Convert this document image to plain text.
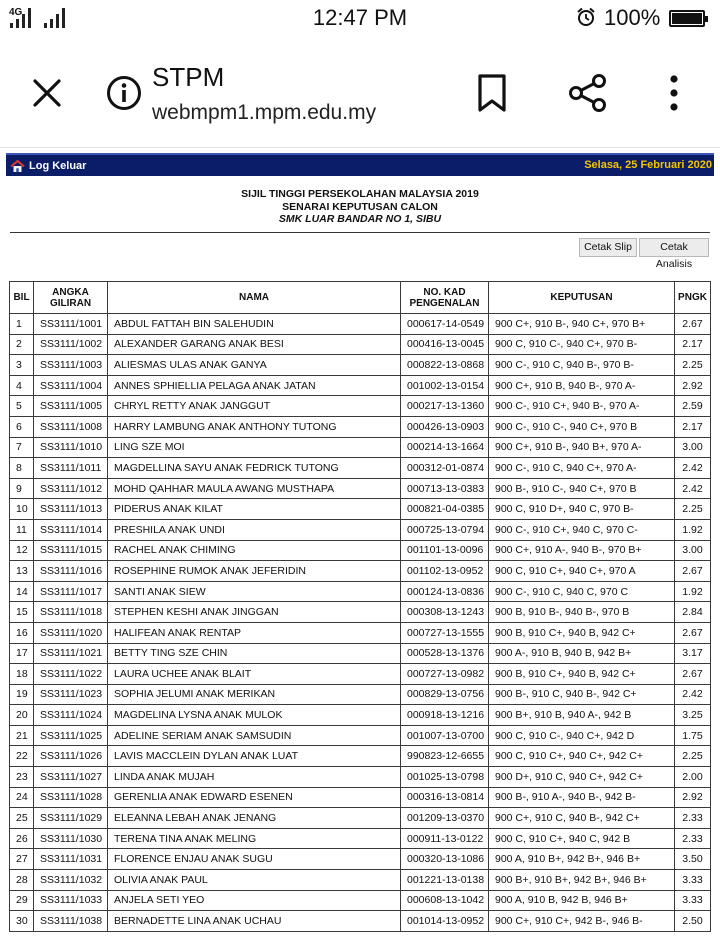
4G	12:47 PM	100%
STPM
webmpm1.mpm.edu.my
Log Keluar	Selasa, 25 Februari 2020
SIJIL TINGGI PERSEKOLAHAN MALAYSIA 2019
SENARAI KEPUTUSAN CALON
SMK LUAR BANDAR NO 1, SIBU
Cetak Slip	Cetak Analisis
BIL	ANGKA GILIRAN	NAMA	NO. KAD PENGENALAN	KEPUTUSAN	PNGK
1	SS3111/1001	ABDUL FATTAH BIN SALEHUDIN	000617-14-0549	900 C+, 910 B-, 940 C+, 970 B+	2.67
2	SS3111/1002	ALEXANDER GARANG ANAK BESI	000416-13-0045	900 C, 910 C-, 940 C+, 970 B-	2.17
3	SS3111/1003	ALIESMAS ULAS ANAK GANYA	000822-13-0868	900 C-, 910 C, 940 B-, 970 B-	2.25
4	SS3111/1004	ANNES SPHIELLIA PELAGA ANAK JATAN	001002-13-0154	900 C+, 910 B, 940 B-, 970 A-	2.92
5	SS3111/1005	CHRYL RETTY ANAK JANGGUT	000217-13-1360	900 C-, 910 C+, 940 B-, 970 A-	2.59
6	SS3111/1008	HARRY LAMBUNG ANAK ANTHONY TUTONG	000426-13-0903	900 C-, 910 C-, 940 C+, 970 B	2.17
7	SS3111/1010	LING SZE MOI	000214-13-1664	900 C+, 910 B-, 940 B+, 970 A-	3.00
8	SS3111/1011	MAGDELLINA SAYU ANAK FEDRICK TUTONG	000312-01-0874	900 C-, 910 C, 940 C+, 970 A-	2.42
9	SS3111/1012	MOHD QAHHAR MAULA AWANG MUSTHAPA	000713-13-0383	900 B-, 910 C-, 940 C+, 970 B	2.42
10	SS3111/1013	PIDERUS ANAK KILAT	000821-04-0385	900 C, 910 D+, 940 C, 970 B-	2.25
11	SS3111/1014	PRESHILA ANAK UNDI	000725-13-0794	900 C-, 910 C+, 940 C, 970 C-	1.92
12	SS3111/1015	RACHEL ANAK CHIMING	001101-13-0096	900 C+, 910 A-, 940 B-, 970 B+	3.00
13	SS3111/1016	ROSEPHINE RUMOK ANAK JEFERIDIN	001102-13-0952	900 C, 910 C+, 940 C+, 970 A	2.67
14	SS3111/1017	SANTI ANAK SIEW	000124-13-0836	900 C-, 910 C, 940 C, 970 C	1.92
15	SS3111/1018	STEPHEN KESHI ANAK JINGGAN	000308-13-1243	900 B, 910 B-, 940 B-, 970 B	2.84
16	SS3111/1020	HALIFEAN ANAK RENTAP	000727-13-1555	900 B, 910 C+, 940 B, 942 C+	2.67
17	SS3111/1021	BETTY TING SZE CHIN	000528-13-1376	900 A-, 910 B, 940 B, 942 B+	3.17
18	SS3111/1022	LAURA UCHEE ANAK BLAIT	000727-13-0982	900 B, 910 C+, 940 B, 942 C+	2.67
19	SS3111/1023	SOPHIA JELUMI ANAK MERIKAN	000829-13-0756	900 B-, 910 C, 940 B-, 942 C+	2.42
20	SS3111/1024	MAGDELINA LYSNA ANAK MULOK	000918-13-1216	900 B+, 910 B, 940 A-, 942 B	3.25
21	SS3111/1025	ADELINE SERIAM ANAK SAMSUDIN	001007-13-0700	900 C, 910 C-, 940 C+, 942 D	1.75
22	SS3111/1026	LAVIS MACCLEIN DYLAN ANAK LUAT	990823-12-6655	900 C, 910 C+, 940 C+, 942 C+	2.25
23	SS3111/1027	LINDA ANAK MUJAH	001025-13-0798	900 D+, 910 C, 940 C+, 942 C+	2.00
24	SS3111/1028	GERENLIA ANAK EDWARD ESENEN	000316-13-0814	900 B-, 910 A-, 940 B-, 942 B-	2.92
25	SS3111/1029	ELEANNA LEBAH ANAK JENANG	001209-13-0370	900 C+, 910 C, 940 B-, 942 C+	2.33
26	SS3111/1030	TERENA TINA ANAK MELING	000911-13-0122	900 C, 910 C+, 940 C, 942 B	2.33
27	SS3111/1031	FLORENCE ENJAU ANAK SUGU	000320-13-1086	900 A, 910 B+, 942 B+, 946 B+	3.50
28	SS3111/1032	OLIVIA ANAK PAUL	001221-13-0138	900 B+, 910 B+, 942 B+, 946 B+	3.33
29	SS3111/1033	ANJELA SETI YEO	000608-13-1042	900 A, 910 B, 942 B, 946 B+	3.33
30	SS3111/1038	BERNADETTE LINA ANAK UCHAU	001014-13-0952	900 C+, 910 C+, 942 B-, 946 B-	2.50
